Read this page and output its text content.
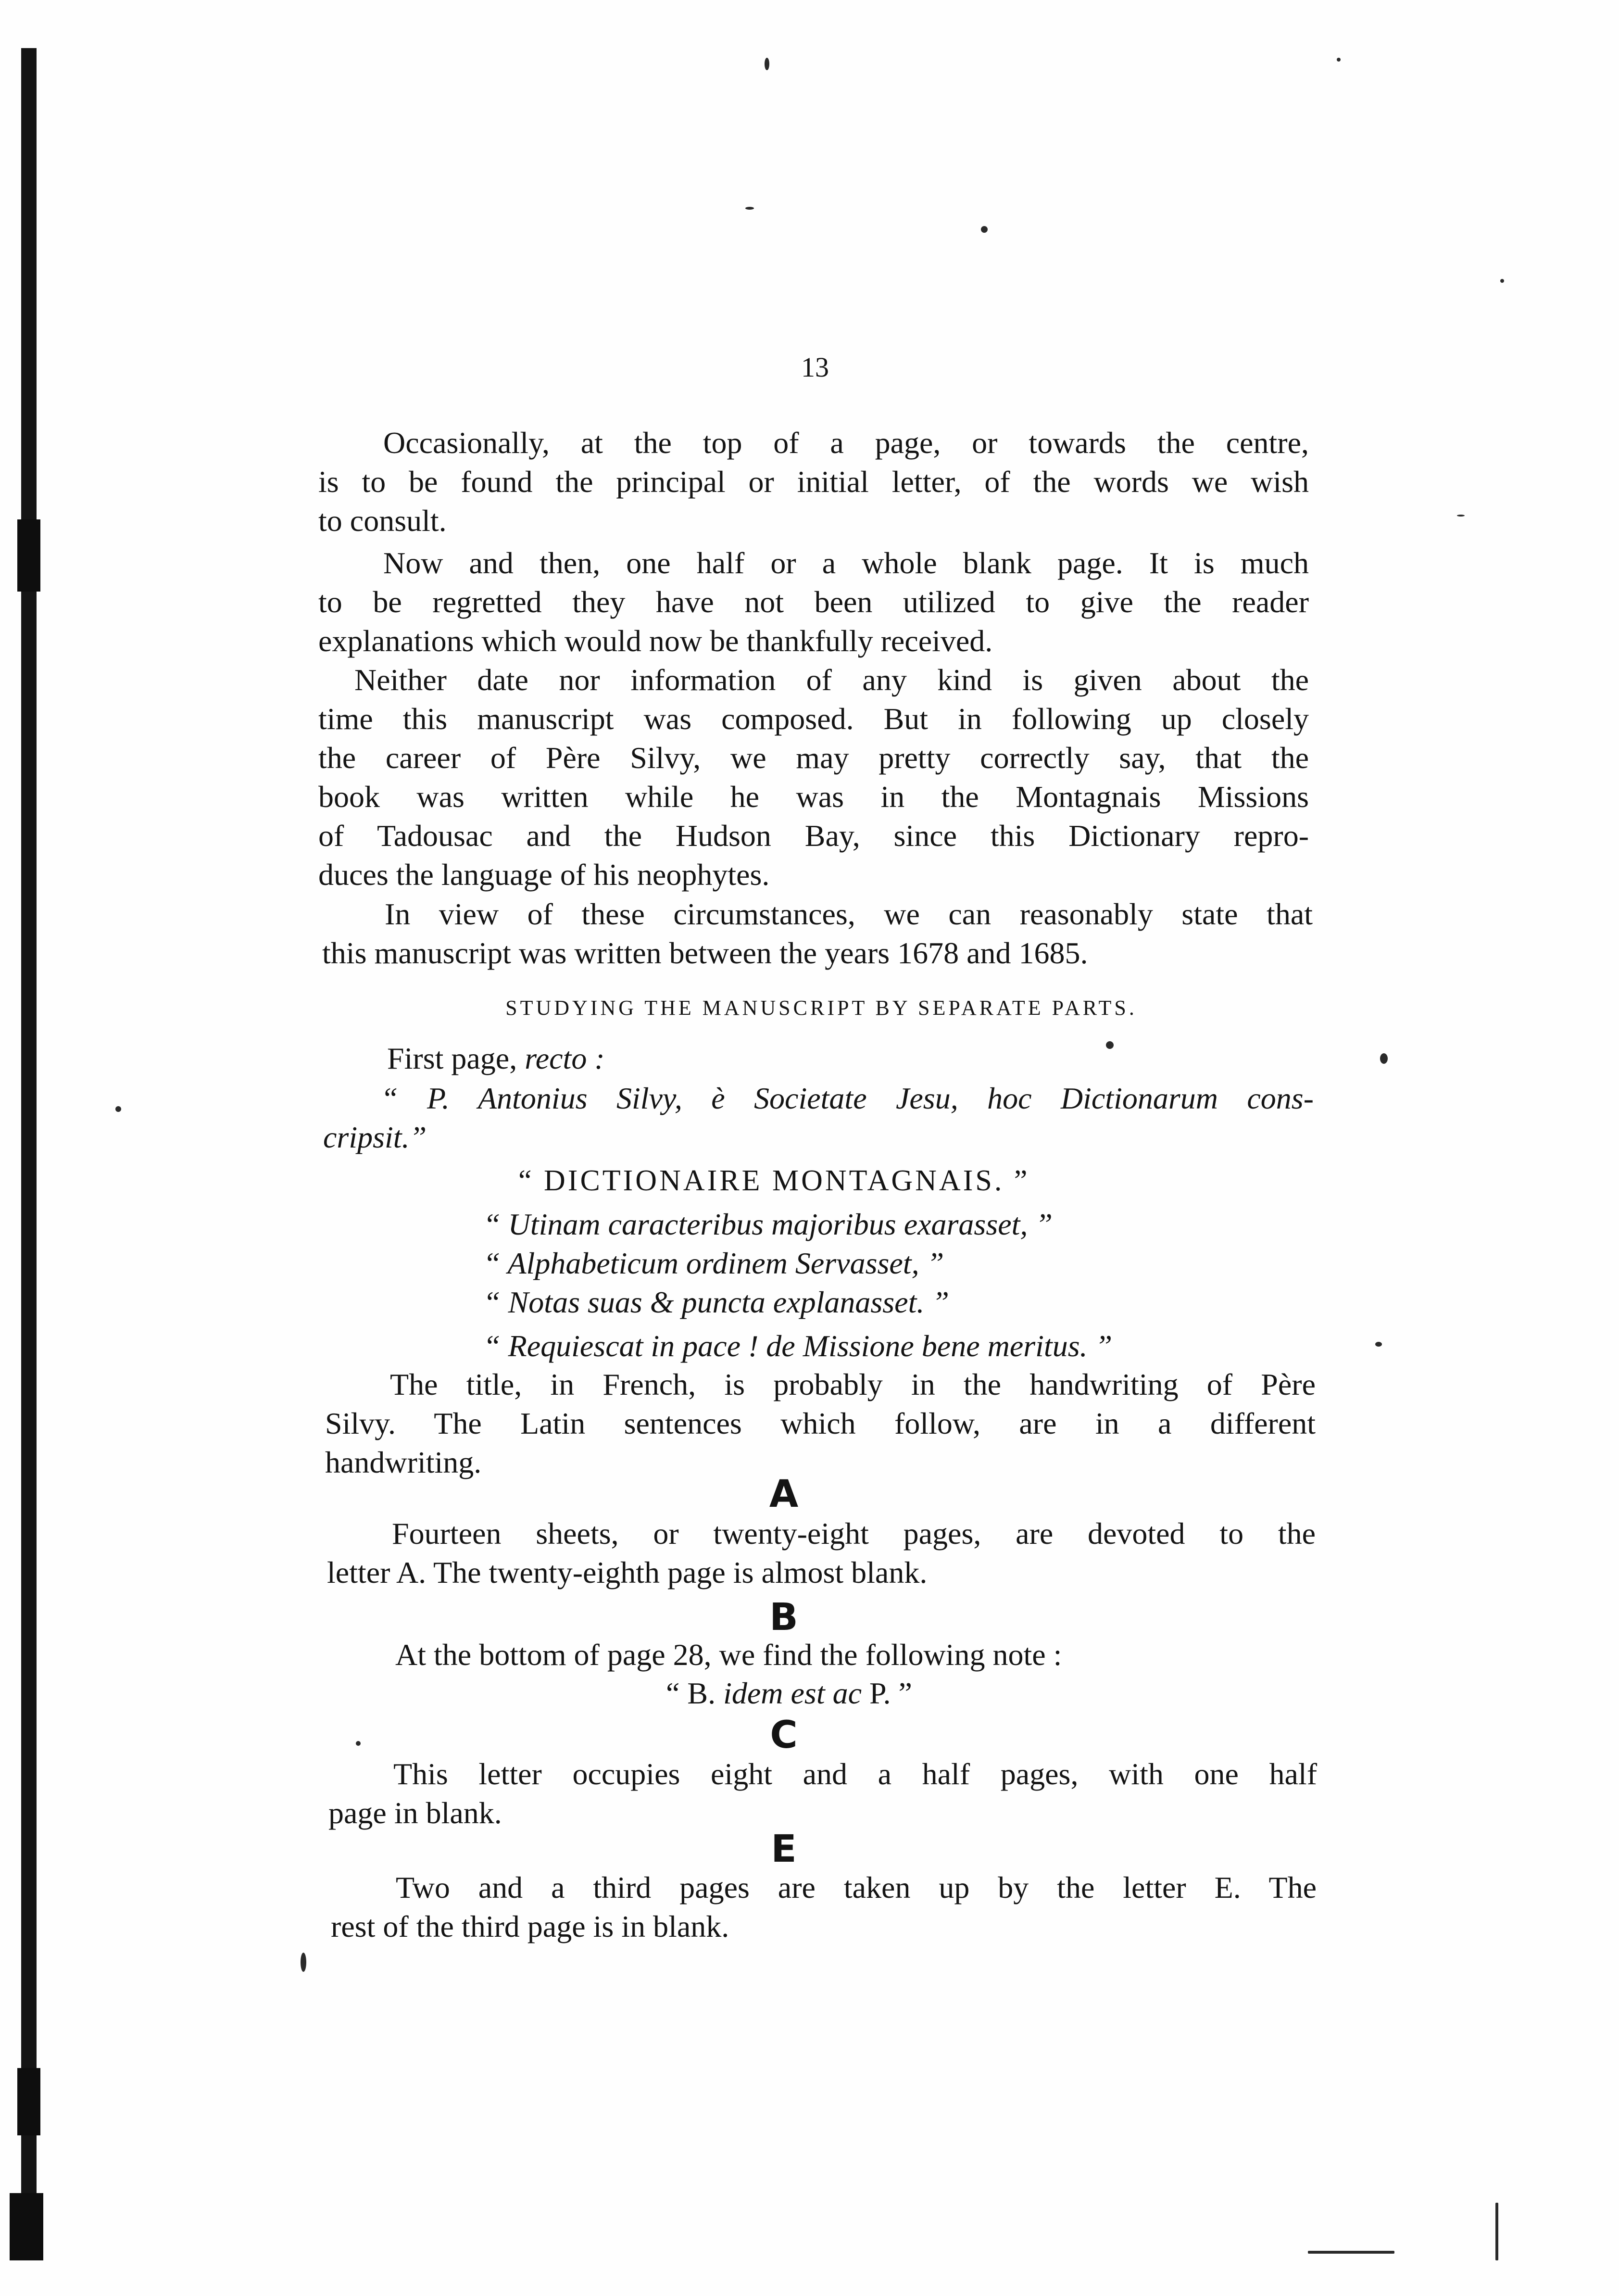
13
Occasionally, at the top of a page, or towards the centre,
is to be found the principal or initial letter, of the words we wish
to consult.
Now and then, one half or a whole blank page. It is much
to be regretted they have not been utilized to give the reader
explanations which would now be thankfully received.
Neither date nor information of any kind is given about the
time this manuscript was composed. But in following up closely
the career of Père Silvy, we may pretty correctly say, that the
book was written while he was in the Montagnais Missions
of Tadousac and the Hudson Bay, since this Dictionary repro-
duces the language of his neophytes.
In view of these circumstances, we can reasonably state that
this manuscript was written between the years 1678 and 1685.
STUDYING THE MANUSCRIPT BY SEPARATE PARTS.
First page, recto :
“ P. Antonius Silvy, è Societate Jesu, hoc Dictionarum cons-
cripsit.”
“ DICTIONAIRE MONTAGNAIS. ”
“ Utinam caracteribus majoribus exarasset, ”
“ Alphabeticum ordinem Servasset, ”
“ Notas suas & puncta explanasset. ”
“ Requiescat in pace ! de Missione bene meritus. ”
The title, in French, is probably in the handwriting of Père
Silvy. The Latin sentences which follow, are in a different
handwriting.
A
Fourteen sheets, or twenty-eight pages, are devoted to the
letter A. The twenty-eighth page is almost blank.
B
At the bottom of page 28, we find the following note :
“ B. idem est ac P. ”
C
This letter occupies eight and a half pages, with one half
page in blank.
E
Two and a third pages are taken up by the letter E. The
rest of the third page is in blank.
